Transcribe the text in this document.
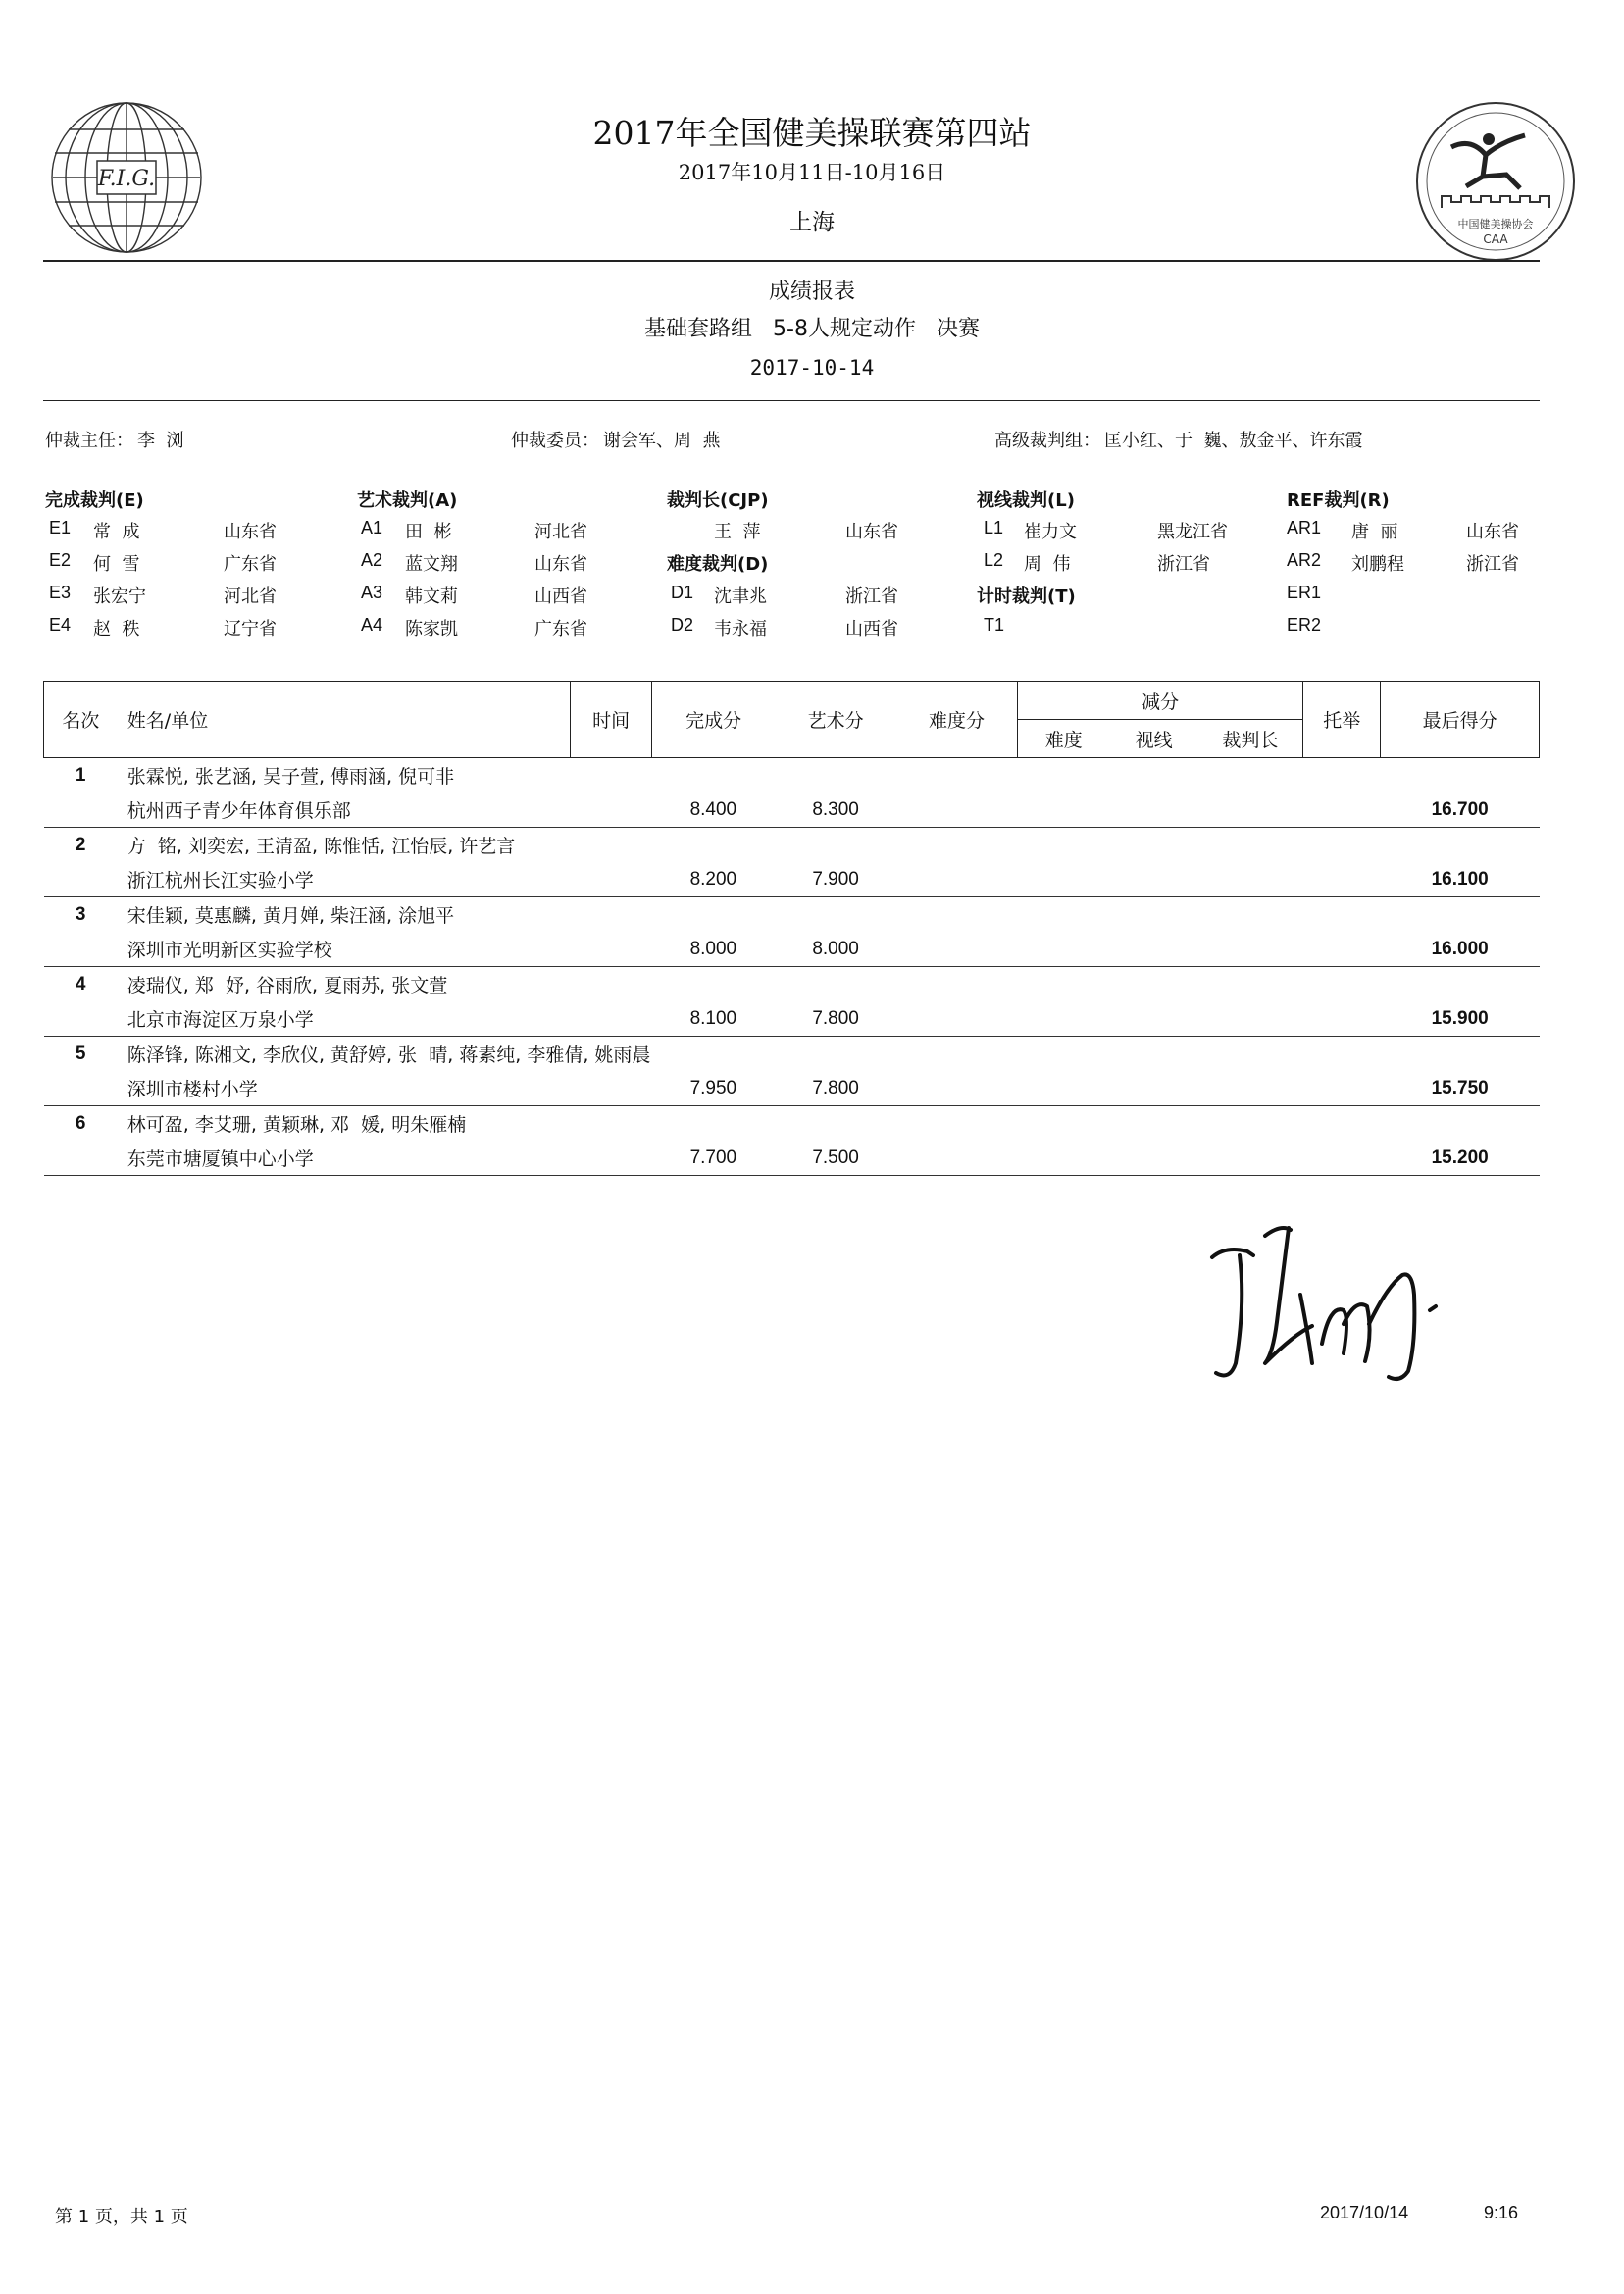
F.I.G.
中国健美操协会
CAA
2017年全国健美操联赛第四站
2017年10月11日-10月16日
上海
成绩报表
基础套路组   5-8人规定动作   决赛
2017-10-14
仲裁主任： 李  浏	仲裁委员： 谢会军、周  燕	高级裁判组： 匡小红、于  巍、敖金平、许东霞
完成裁判(E)
E1 常  成	山东省
E2 何  雪	广东省
E3 张宏宁	河北省
E4 赵  秩	辽宁省
艺术裁判(A)
A1 田  彬	河北省
A2 蓝文翔	山东省
A3 韩文莉	山西省
A4 陈家凯	广东省
裁判长(CJP)
王  萍	山东省
难度裁判(D)
D1 沈聿兆	浙江省
D2 韦永福	山西省
视线裁判(L)
L1 崔力文	黑龙江省
L2 周  伟	浙江省
计时裁判(T)
T1
REF裁判(R)
AR1 唐  丽	山东省
AR2 刘鹏程	浙江省
ER1
ER2
名次	姓名/单位	时间	完成分	艺术分	难度分	减分			托举	最后得分
						难度	视线	裁判长		
1	张霖悦, 张艺涵, 吴子萱, 傅雨涵, 倪可非									
	杭州西子青少年体育俱乐部		8.400	8.300						16.700
2	方  铭, 刘奕宏, 王清盈, 陈惟恬, 江怡辰, 许艺言									
	浙江杭州长江实验小学		8.200	7.900						16.100
3	宋佳颖, 莫惠麟, 黄月婵, 柴汪涵, 涂旭平									
	深圳市光明新区实验学校		8.000	8.000						16.000
4	凌瑞仪, 郑  妤, 谷雨欣, 夏雨苏, 张文萱									
	北京市海淀区万泉小学		8.100	7.800						15.900
5	陈泽锋, 陈湘文, 李欣仪, 黄舒婷, 张  晴, 蒋素纯, 李雅倩, 姚雨晨									
	深圳市楼村小学		7.950	7.800						15.750
6	林可盈, 李艾珊, 黄颖琳, 邓  媛, 明朱雁楠									
	东莞市塘厦镇中心小学		7.700	7.500						15.200
第 1 页，共 1 页	2017/10/14	9:16
